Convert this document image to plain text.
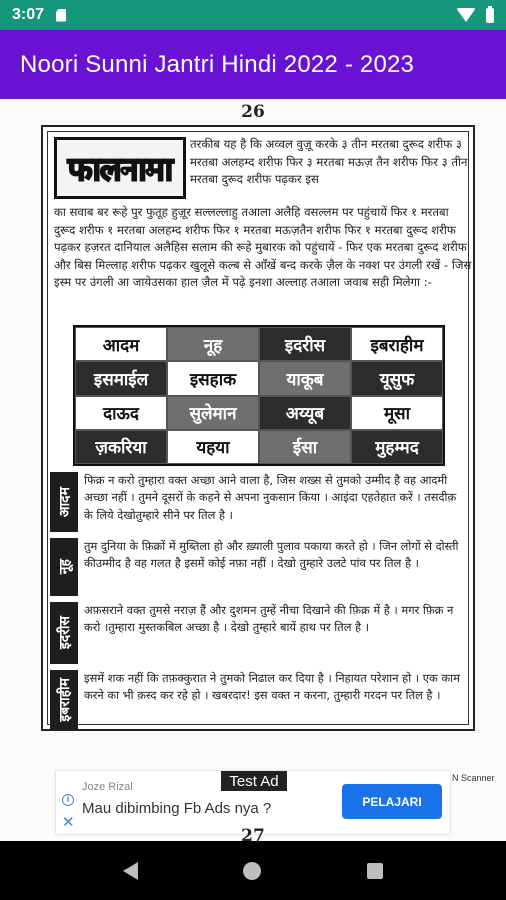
3:07
Noori Sunni Jantri Hindi 2022 - 2023
26
फालनामा
तरकीब यह है कि अव्वल वुज़ू करके ३ तीन मरतबा दुरूद शरीफ ३ मरतबा अलहम्द शरीफ फिर ३ मरतबा मऊज़ तैन शरीफ फिर ३ तीन मरतबा दुरूद शरीफ पढ़कर इस
का सवाब बर रूहे पुर फुतूह हुज़ूर सल्लल्लाहु तआला अलैहि वसल्लम पर पहुंचायें फिर १ मरतबा दुरूद शरीफ १ मरतबा अलहम्द शरीफ फिर १ मरतबा मऊज़तैन शरीफ फिर १ मरतबा दुरूद शरीफ पढ़कर हज़रत दानियाल अलैहिस सलाम की रूहे मुबारक को पहुंचायें - फिर एक मरतबा दुरूद शरीफ और बिस मिल्लाह शरीफ पढ़कर खुलूसे कल्ब से आँखें बन्द करके ज़ैल के नक्श पर उंगली रखें - जिस इस्म पर उंगली आ जायेउसका हाल ज़ैल में पढ़े इनशा अल्लाह तआला जवाब सही मिलेगा :-
आदम	नूह	इदरीस	इबराहीम
इसमाईल	इसहाक	याकूब	यूसुफ
दाऊद	सुलेमान	अय्यूब	मूसा
ज़करिया	यहया	ईसा	मुहम्मद
आदम
फिक्र न करो तुम्हारा वक्त अच्छा आने वाला है, जिस शख्स से तुमको उम्मीद है वह आदमी अच्छा नहीं । तुमने दूसरों के कहने से अपना नुकसान किया । आइंदा एहतेहात करें । तसदीक़ के लिये देखोतुम्हारे सीने पर तिल है ।
नूह
तुम दुनिया के फ़िक्रों में मुब्तिला हो और ख़्याली पुलाव पकाया करते हो । जिन लोगों से दोस्ती कीउम्मीद है वह गलत है इसमें कोई नफ़ा नहीं । देखो तुम्हारे उलटे पांव पर तिल है ।
इदरीस
अफ़सराने वक्त तुमसे नराज़ हैं और दुशमन तुम्हें नीचा दिखाने की फ़िक्र में है । मगर फ़िक्र न करो ।तुम्हारा मुस्तकबिल अच्छा है । देखो तुम्हारे बायें हाथ पर तिल है ।
इबराहीम
इसमें शक नहीं कि तफ़क्कुरात ने तुमको निढाल कर दिया है । निहायत परेशान हो । एक काम करने का भी क़स्द कर रहे हो । खबरदार! इस वक्त न करना, तुम्हारी गरदन पर तिल है ।
N Scanner
Test Ad
i
✕
Joze Rizal
Mau dibimbing Fb Ads nya ?	PELAJARI
27
